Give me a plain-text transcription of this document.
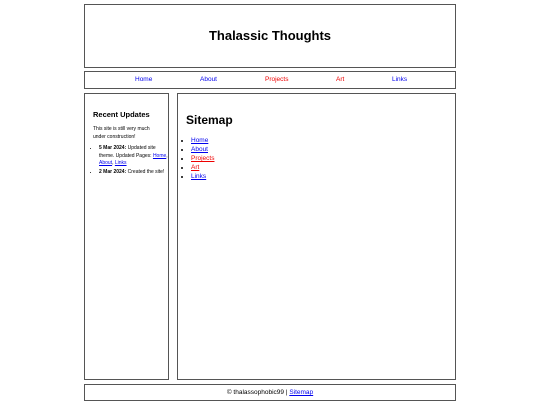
Thalassic Thoughts
Home	About	Projects	Art	Links
Recent Updates

This site is still very much under construction!

• 5 Mar 2024: Updated site theme. Updated Pages: Home, About, Links
• 2 Mar 2024: Created the site!
Sitemap
• Home
• About
• Projects
• Art
• Links
© thalassophobic99 | Sitemap
